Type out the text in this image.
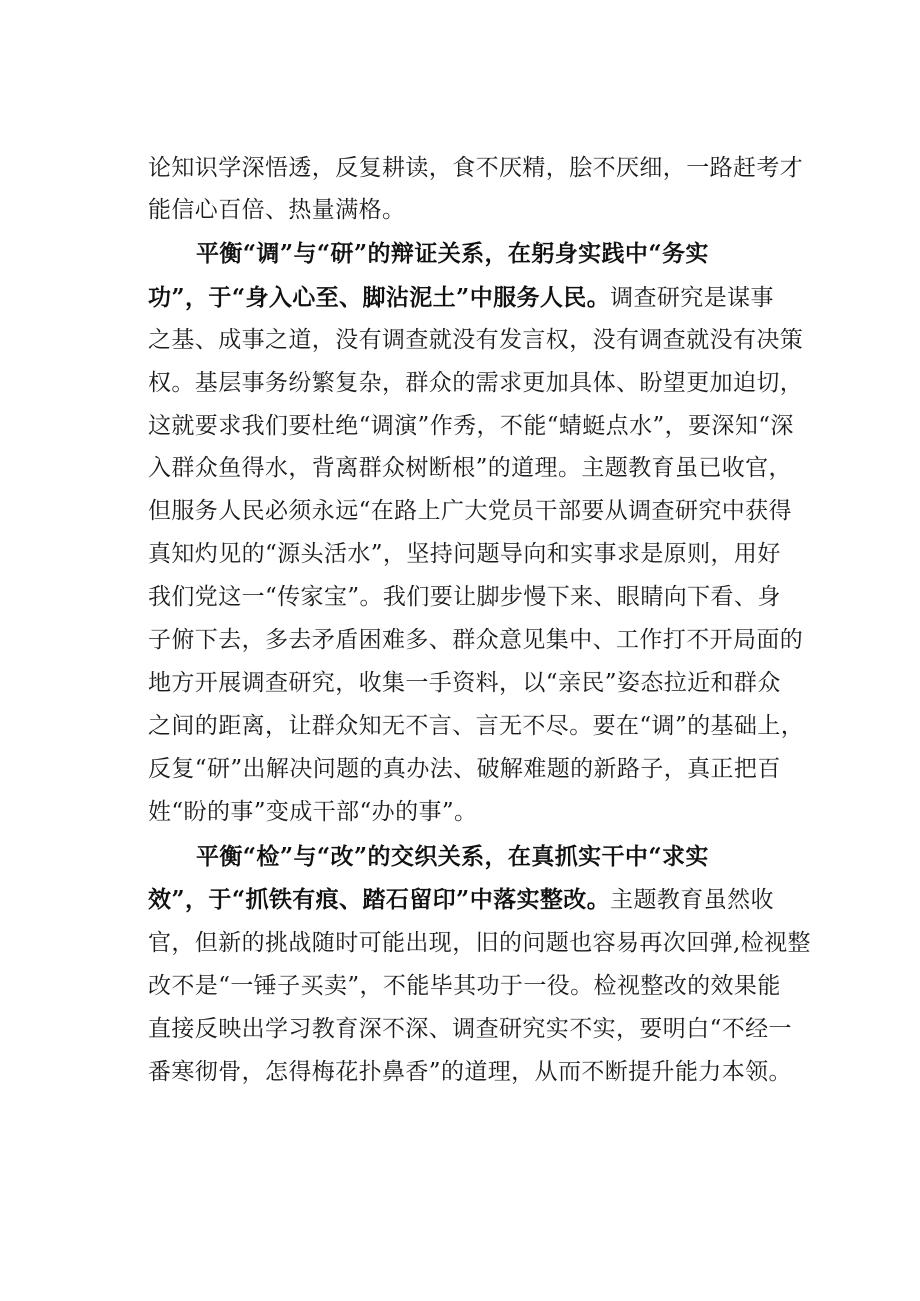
论知识学深悟透，反复耕读，食不厌精，脍不厌细，一路赶考才
能信心百倍、热量满格。
平衡“调”与“研”的辩证关系，在躬身实践中“务实
功”，于“身入心至、脚沾泥土”中服务人民。调查研究是谋事
之基、成事之道，没有调查就没有发言权，没有调查就没有决策
权。基层事务纷繁复杂，群众的需求更加具体、盼望更加迫切，
这就要求我们要杜绝“调演”作秀，不能“蜻蜓点水”，要深知“深
入群众鱼得水，背离群众树断根”的道理。主题教育虽已收官，
但服务人民必须永远“在路上广大党员干部要从调查研究中获得
真知灼见的“源头活水”，坚持问题导向和实事求是原则，用好
我们党这一“传家宝”。我们要让脚步慢下来、眼睛向下看、身
子俯下去，多去矛盾困难多、群众意见集中、工作打不开局面的
地方开展调查研究，收集一手资料，以“亲民”姿态拉近和群众
之间的距离，让群众知无不言、言无不尽。要在“调”的基础上，
反复“研”出解决问题的真办法、破解难题的新路子，真正把百
姓“盼的事”变成干部“办的事”。
平衡“检”与“改”的交织关系，在真抓实干中“求实
效”，于“抓铁有痕、踏石留印”中落实整改。主题教育虽然收
官，但新的挑战随时可能出现，旧的问题也容易再次回弹,检视整
改不是“一锤子买卖”，不能毕其功于一役。检视整改的效果能
直接反映出学习教育深不深、调查研究实不实，要明白“不经一
番寒彻骨，怎得梅花扑鼻香”的道理，从而不断提升能力本领。
